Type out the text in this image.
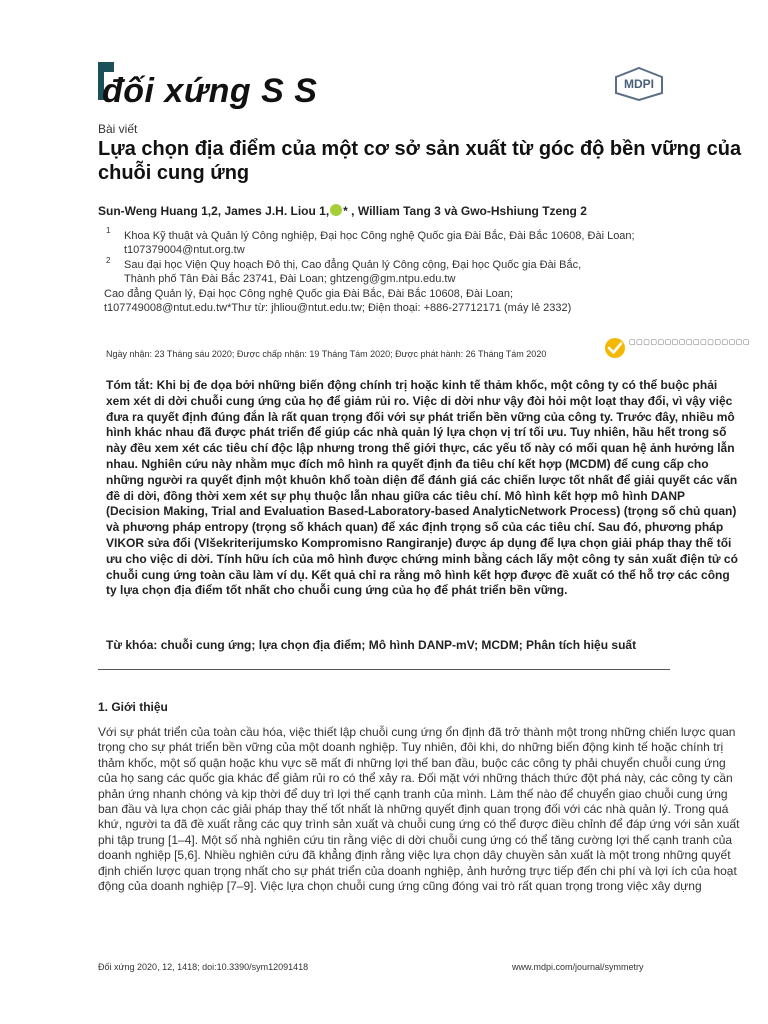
đối xứng S S	MDPI
Bài viết
Lựa chọn địa điểm của một cơ sở sản xuất từ góc độ bền vững của chuỗi cung ứng
Sun-Weng Huang 1,2, James J.H. Liou 1, * , William Tang 3 và Gwo-Hshiung Tzeng 2
1 Khoa Kỹ thuật và Quản lý Công nghiệp, Đại học Công nghệ Quốc gia Đài Bắc, Đài Bắc 10608, Đài Loan; t107379004@ntut.org.tw
2 Sau đại học Viện Quy hoạch Đô thị, Cao đẳng Quản lý Công cộng, Đại học Quốc gia Đài Bắc, Thành phố Tân Đài Bắc 23741, Đài Loan; ghtzeng@gm.ntpu.edu.tw
Cao đẳng Quản lý, Đại học Công nghệ Quốc gia Đài Bắc, Đài Bắc 10608, Đài Loan; t107749008@ntut.edu.tw*Thư từ: jhliou@ntut.edu.tw; Điện thoại: +886-27712171 (máy lẻ 2332)
Ngày nhận: 23 Tháng sáu 2020; Được chấp nhận: 19 Tháng Tám 2020; Được phát hành: 26 Tháng Tám 2020
▢▢▢▢▢▢▢▢▢▢▢▢▢▢▢▢▢
Tóm tắt: Khi bị đe dọa bởi những biến động chính trị hoặc kinh tế thảm khốc, một công ty có thể buộc phải xem xét di dời chuỗi cung ứng của họ để giảm rủi ro. Việc di dời như vậy đòi hỏi một loạt thay đổi, vì vậy việc đưa ra quyết định đúng đắn là rất quan trọng đối với sự phát triển bền vững của công ty. Trước đây, nhiều mô hình khác nhau đã được phát triển để giúp các nhà quản lý lựa chọn vị trí tối ưu. Tuy nhiên, hầu hết trong số này đều xem xét các tiêu chí độc lập nhưng trong thế giới thực, các yếu tố này có mối quan hệ ảnh hưởng lẫn nhau. Nghiên cứu này nhằm mục đích mô hình ra quyết định đa tiêu chí kết hợp (MCDM) để cung cấp cho những người ra quyết định một khuôn khổ toàn diện để đánh giá các chiến lược tốt nhất để giải quyết các vấn đề di dời, đồng thời xem xét sự phụ thuộc lẫn nhau giữa các tiêu chí. Mô hình kết hợp mô hình DANP (Decision Making, Trial and Evaluation Based-Laboratory-based AnalyticNetwork Process) (trọng số chủ quan) và phương pháp entropy (trọng số khách quan) để xác định trọng số của các tiêu chí. Sau đó, phương pháp VIKOR sửa đổi (VIšekriterijumsko Kompromisno Rangiranje) được áp dụng để lựa chọn giải pháp thay thế tối ưu cho việc di dời. Tính hữu ích của mô hình được chứng minh bằng cách lấy một công ty sản xuất điện tử có chuỗi cung ứng toàn cầu làm ví dụ. Kết quả chỉ ra rằng mô hình kết hợp được đề xuất có thể hỗ trợ các công ty lựa chọn địa điểm tốt nhất cho chuỗi cung ứng của họ để phát triển bền vững.
Từ khóa: chuỗi cung ứng; lựa chọn địa điểm; Mô hình DANP-mV; MCDM; Phân tích hiệu suất
1. Giới thiệu
Với sự phát triển của toàn cầu hóa, việc thiết lập chuỗi cung ứng ổn định đã trở thành một trong những chiến lược quan trọng cho sự phát triển bền vững của một doanh nghiệp. Tuy nhiên, đôi khi, do những biến động kinh tế hoặc chính trị thảm khốc, một số quận hoặc khu vực sẽ mất đi những lợi thế ban đầu, buộc các công ty phải chuyển chuỗi cung ứng của họ sang các quốc gia khác để giảm rủi ro có thể xảy ra. Đối mặt với những thách thức đột phá này, các công ty cần phản ứng nhanh chóng và kịp thời để duy trì lợi thế cạnh tranh của mình. Làm thế nào để chuyển giao chuỗi cung ứng ban đầu và lựa chọn các giải pháp thay thế tốt nhất là những quyết định quan trọng đối với các nhà quản lý. Trong quá khứ, người ta đã đề xuất rằng các quy trình sản xuất và chuỗi cung ứng có thể được điều chỉnh để đáp ứng với sản xuất phi tập trung [1–4]. Một số nhà nghiên cứu tin rằng việc di dời chuỗi cung ứng có thể tăng cường lợi thế cạnh tranh của doanh nghiệp [5,6]. Nhiều nghiên cứu đã khẳng định rằng việc lựa chọn dây chuyền sản xuất là một trong những quyết định chiến lược quan trọng nhất cho sự phát triển của doanh nghiệp, ảnh hưởng trực tiếp đến chi phí và lợi ích của hoạt động của doanh nghiệp [7–9]. Việc lựa chọn chuỗi cung ứng cũng đóng vai trò rất quan trọng trong việc xây dựng
Đối xứng 2020, 12, 1418; doi:10.3390/sym12091418	www.mdpi.com/journal/symmetry
